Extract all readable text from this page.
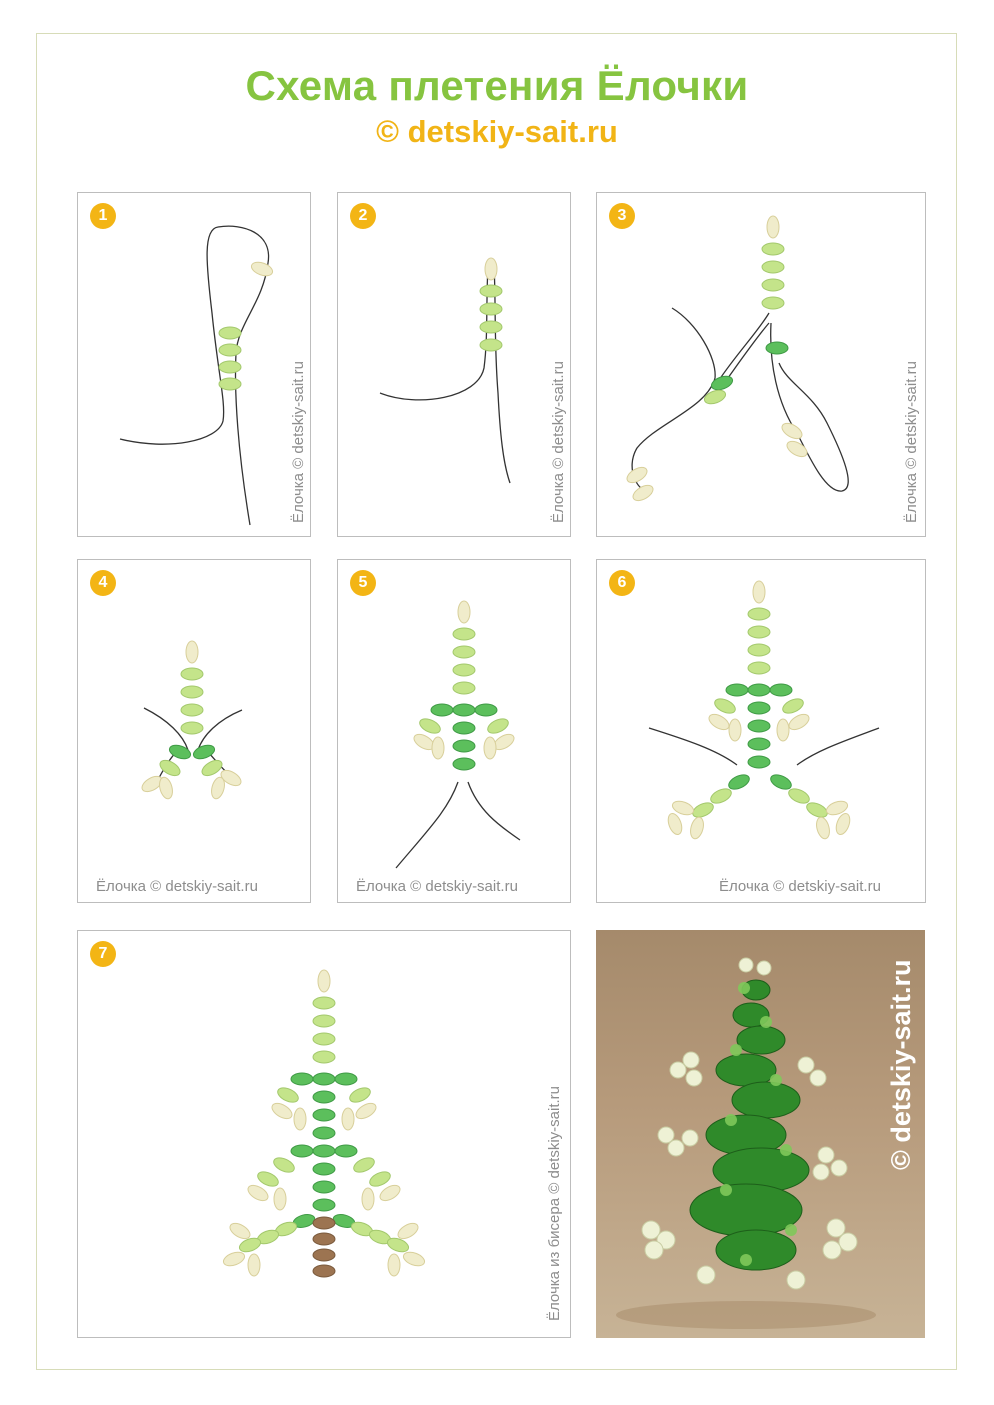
Схема плетения Ёлочки
© detskiy-sait.ru
1
Ёлочка © detskiy-sait.ru
2
Ёлочка © detskiy-sait.ru
3
Ёлочка © detskiy-sait.ru
4
Ёлочка © detskiy-sait.ru
5
Ёлочка © detskiy-sait.ru
6
Ёлочка © detskiy-sait.ru
7
Ёлочка из бисера © detskiy-sait.ru
© detskiy-sait.ru
